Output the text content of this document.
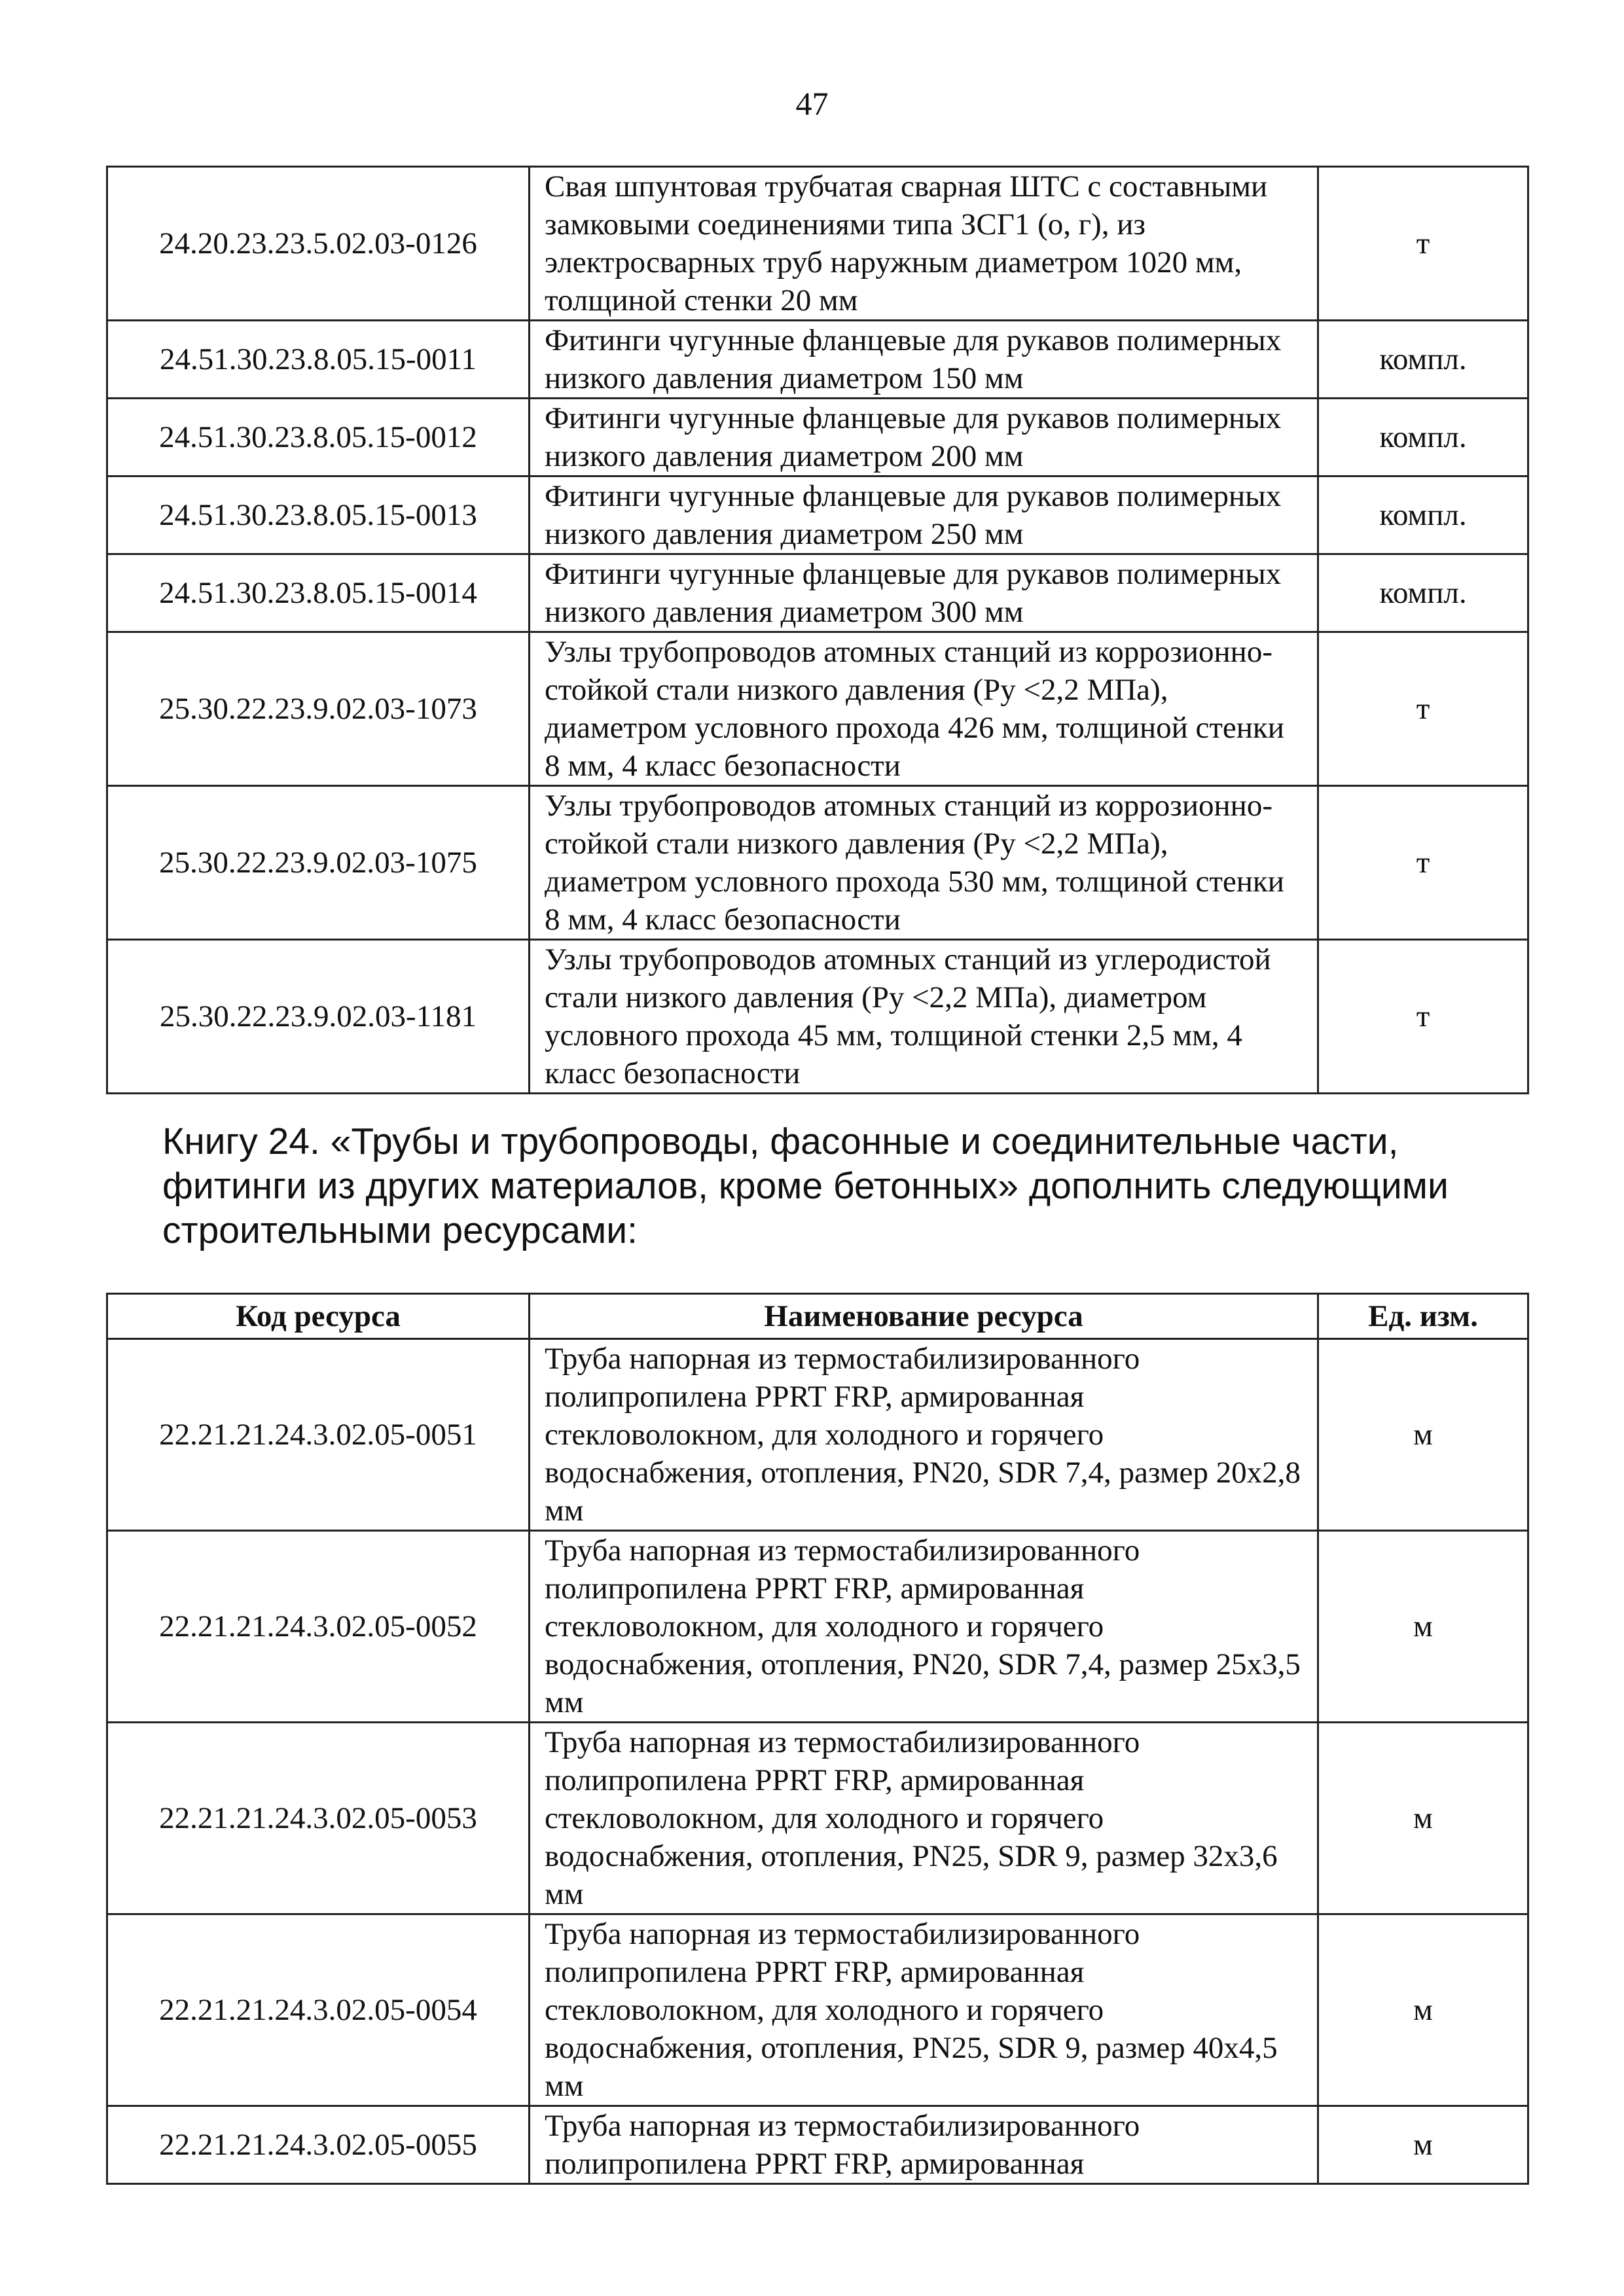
47
24.20.23.23.5.02.03-0126	Свая шпунтовая трубчатая сварная ШТС с составными замковыми соединениями типа ЗСГ1 (о, г), из электросварных труб наружным диаметром 1020 мм, толщиной стенки 20 мм	т
24.51.30.23.8.05.15-0011	Фитинги чугунные фланцевые для рукавов полимерных низкого давления диаметром 150 мм	компл.
24.51.30.23.8.05.15-0012	Фитинги чугунные фланцевые для рукавов полимерных низкого давления диаметром 200 мм	компл.
24.51.30.23.8.05.15-0013	Фитинги чугунные фланцевые для рукавов полимерных низкого давления диаметром 250 мм	компл.
24.51.30.23.8.05.15-0014	Фитинги чугунные фланцевые для рукавов полимерных низкого давления диаметром 300 мм	компл.
25.30.22.23.9.02.03-1073	Узлы трубопроводов атомных станций из коррозионно-стойкой стали низкого давления (Ру <2,2 МПа), диаметром условного прохода 426 мм, толщиной стенки 8 мм, 4 класс безопасности	т
25.30.22.23.9.02.03-1075	Узлы трубопроводов атомных станций из коррозионно-стойкой стали низкого давления (Ру <2,2 МПа), диаметром условного прохода 530 мм, толщиной стенки 8 мм, 4 класс безопасности	т
25.30.22.23.9.02.03-1181	Узлы трубопроводов атомных станций из углеродистой стали низкого давления (Ру <2,2 МПа), диаметром условного прохода 45 мм, толщиной стенки 2,5 мм, 4 класс безопасности	т

Книгу 24. «Трубы и трубопроводы, фасонные и соединительные части, фитинги из других материалов, кроме бетонных» дополнить следующими строительными ресурсами:

Код ресурса	Наименование ресурса	Ед. изм.
22.21.21.24.3.02.05-0051	Труба напорная из термостабилизированного полипропилена PPRT FRP, армированная стекловолокном, для холодного и горячего водоснабжения, отопления, PN20, SDR 7,4, размер 20х2,8 мм	м
22.21.21.24.3.02.05-0052	Труба напорная из термостабилизированного полипропилена PPRT FRP, армированная стекловолокном, для холодного и горячего водоснабжения, отопления, PN20, SDR 7,4, размер 25х3,5 мм	м
22.21.21.24.3.02.05-0053	Труба напорная из термостабилизированного полипропилена PPRT FRP, армированная стекловолокном, для холодного и горячего водоснабжения, отопления, PN25, SDR 9, размер 32х3,6 мм	м
22.21.21.24.3.02.05-0054	Труба напорная из термостабилизированного полипропилена PPRT FRP, армированная стекловолокном, для холодного и горячего водоснабжения, отопления, PN25, SDR 9, размер 40х4,5 мм	м
22.21.21.24.3.02.05-0055	Труба напорная из термостабилизированного полипропилена PPRT FRP, армированная	м
